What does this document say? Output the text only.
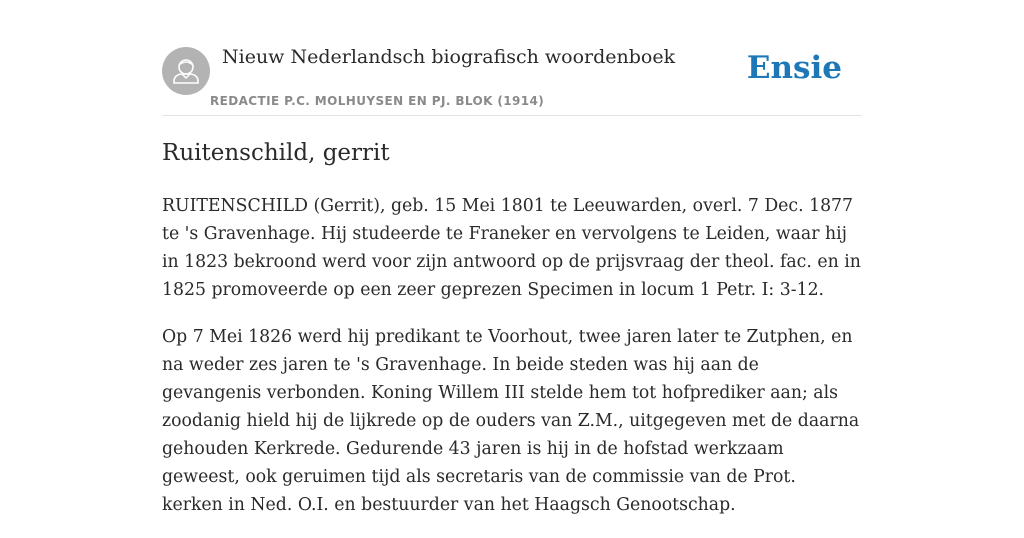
Nieuw Nederlandsch biografisch woordenboek
REDACTIE P.C. MOLHUYSEN EN PJ. BLOK (1914)
Ensie
Ruitenschild, gerrit

RUITENSCHILD (Gerrit), geb. 15 Mei 1801 te Leeuwarden, overl. 7 Dec. 1877 te 's Gravenhage. Hij studeerde te Franeker en vervolgens te Leiden, waar hij in 1823 bekroond werd voor zijn antwoord op de prijsvraag der theol. fac. en in 1825 promoveerde op een zeer geprezen Specimen in locum 1 Petr. I: 3-12.

Op 7 Mei 1826 werd hij predikant te Voorhout, twee jaren later te Zutphen, en na weder zes jaren te 's Gravenhage. In beide steden was hij aan de gevangenis verbonden. Koning Willem III stelde hem tot hofprediker aan; als zoodanig hield hij de lijkrede op de ouders van Z.M., uitgegeven met de daarna gehouden Kerkrede. Gedurende 43 jaren is hij in de hofstad werkzaam geweest, ook geruimen tijd als secretaris van de commissie van de Prot. kerken in Ned. O.I. en bestuurder van het Haagsch Genootschap.
